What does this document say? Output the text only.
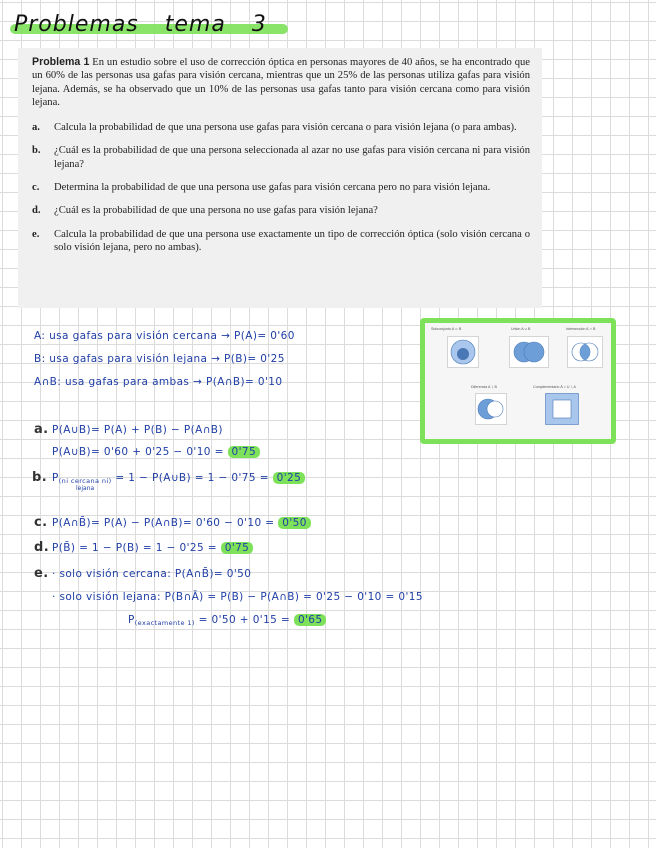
Problemas tema 3

Problema 1 En un estudio sobre el uso de corrección óptica en personas mayores de 40 años, se ha encontrado que un 60% de las personas usa gafas para visión cercana, mientras que un 25% de las personas utiliza gafas para visión lejana. Además, se ha observado que un 10% de las personas usa gafas tanto para visión cercana como para visión lejana.

a.	Calcula la probabilidad de que una persona use gafas para visión cercana o para visión lejana (o para ambas).
b.	¿Cuál es la probabilidad de que una persona seleccionada al azar no use gafas para visión cercana ni para visión lejana?
c.	Determina la probabilidad de que una persona use gafas para visión cercana pero no para visión lejana.
d.	¿Cuál es la probabilidad de que una persona no use gafas para visión lejana?
e.	Calcula la probabilidad de que una persona use exactamente un tipo de corrección óptica (solo visión cercana o solo visión lejana, pero no ambas).
A: usa gafas para visión cercana → P(A)= 0'60
B: usa gafas para visión lejana → P(B)= 0'25
A∩B: usa gafas para ambas → P(A∩B)= 0'10
a. P(A∪B)= P(A) + P(B) − P(A∩B)
P(A∪B)= 0'60 + 0'25 − 0'10 = 0'75
b. $P_{(ni cercana ni)} = 1$ − P(A∪B) = 1 − 0'75 = 0'25
lejana
c. P(A∩B̄)= P(A) − P(A∩B)= 0'60 − 0'10 = 0'50
d. P(B̄) = 1 − P(B) = 1 − 0'25 = 0'75
e. · solo visión cercana: P(A∩B̄)= 0'50
· solo visión lejana: P(B∩Ā) = P(B) − P(A∩B) = 0'25 − 0'10 = 0'15
$P_{(exactamente 1)} = 0'50 + 0'15 = 0'65$
Subconjunto A ⊂ B	Unión A ∪ B	Intersección A ∩ B
Diferencia A ∖ B	Complementario Ā = U ∖ A
